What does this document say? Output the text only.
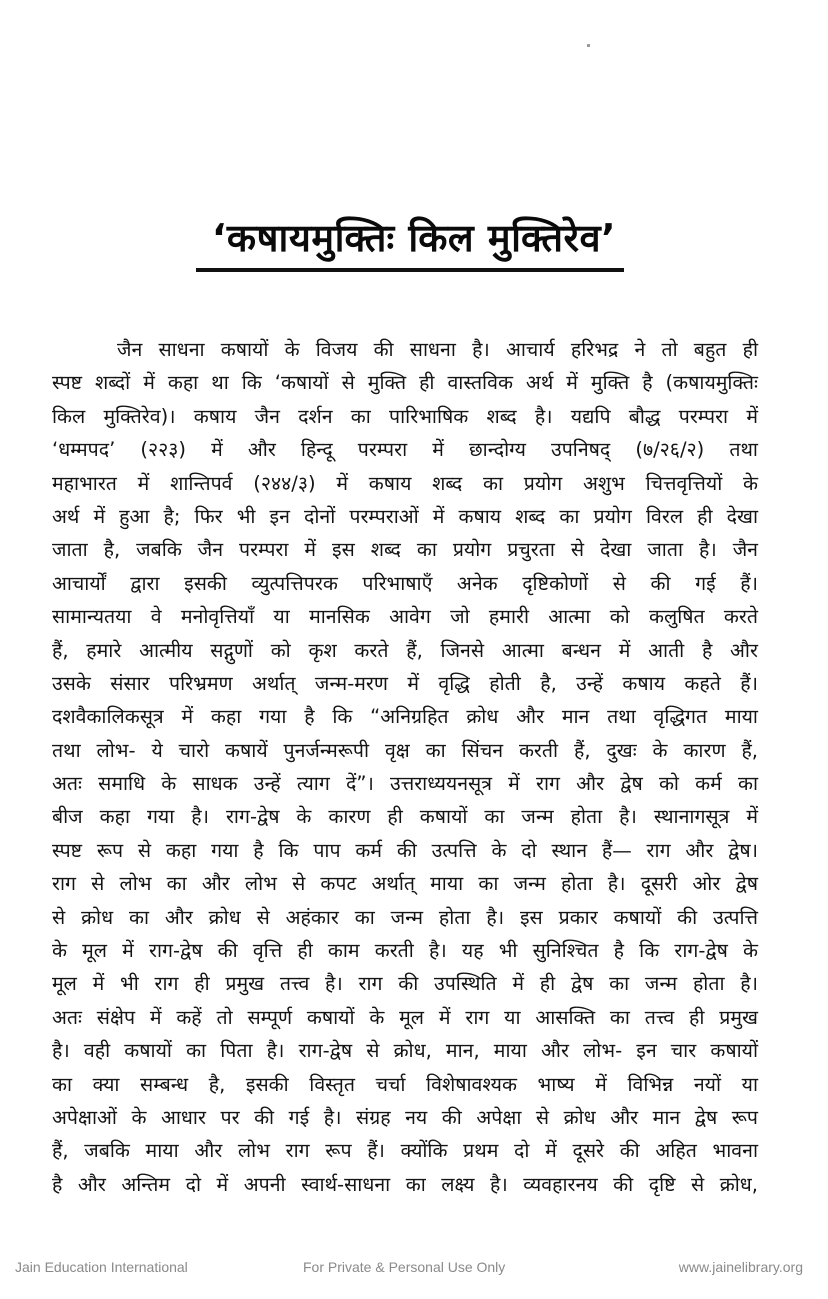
‘कषायमुक्तिः किल मुक्तिरेव’
जैन साधना कषायों के विजय की साधना है। आचार्य हरिभद्र ने तो बहुत ही
स्पष्ट शब्दों में कहा था कि ‘कषायों से मुक्ति ही वास्तविक अर्थ में मुक्ति है (कषायमुक्तिः
किल मुक्तिरेव)। कषाय जैन दर्शन का पारिभाषिक शब्द है। यद्यपि बौद्ध परम्परा में
‘धम्मपद’ (२२३) में और हिन्दू परम्परा में छान्दोग्य उपनिषद् (७/२६/२) तथा
महाभारत में शान्तिपर्व (२४४/३) में कषाय शब्द का प्रयोग अशुभ चित्तवृत्तियों के
अर्थ में हुआ है; फिर भी इन दोनों परम्पराओं में कषाय शब्द का प्रयोग विरल ही देखा
जाता है, जबकि जैन परम्परा में इस शब्द का प्रयोग प्रचुरता से देखा जाता है। जैन
आचार्यों द्वारा इसकी व्युत्पत्तिपरक परिभाषाएँ अनेक दृष्टिकोणों से की गई हैं।
सामान्यतया वे मनोवृत्तियाँ या मानसिक आवेग जो हमारी आत्मा को कलुषित करते
हैं, हमारे आत्मीय सद्गुणों को कृश करते हैं, जिनसे आत्मा बन्धन में आती है और
उसके संसार परिभ्रमण अर्थात् जन्म-मरण में वृद्धि होती है, उन्हें कषाय कहते हैं।
दशवैकालिकसूत्र में कहा गया है कि “अनिग्रहित क्रोध और मान तथा वृद्धिगत माया
तथा लोभ- ये चारो कषायें पुनर्जन्मरूपी वृक्ष का सिंचन करती हैं, दुखः के कारण हैं,
अतः समाधि के साधक उन्हें त्याग दें”। उत्तराध्ययनसूत्र में राग और द्वेष को कर्म का
बीज कहा गया है। राग-द्वेष के कारण ही कषायों का जन्म होता है। स्थानागसूत्र में
स्पष्ट रूप से कहा गया है कि पाप कर्म की उत्पत्ति के दो स्थान हैं— राग और द्वेष।
राग से लोभ का और लोभ से कपट अर्थात् माया का जन्म होता है। दूसरी ओर द्वेष
से क्रोध का और क्रोध से अहंकार का जन्म होता है। इस प्रकार कषायों की उत्पत्ति
के मूल में राग-द्वेष की वृत्ति ही काम करती है। यह भी सुनिश्चित है कि राग-द्वेष के
मूल में भी राग ही प्रमुख तत्त्व है। राग की उपस्थिति में ही द्वेष का जन्म होता है।
अतः संक्षेप में कहें तो सम्पूर्ण कषायों के मूल में राग या आसक्ति का तत्त्व ही प्रमुख
है। वही कषायों का पिता है। राग-द्वेष से क्रोध, मान, माया और लोभ- इन चार कषायों
का क्या सम्बन्ध है, इसकी विस्तृत चर्चा विशेषावश्यक भाष्य में विभिन्न नयों या
अपेक्षाओं के आधार पर की गई है। संग्रह नय की अपेक्षा से क्रोध और मान द्वेष रूप
हैं, जबकि माया और लोभ राग रूप हैं। क्योंकि प्रथम दो में दूसरे की अहित भावना
है और अन्तिम दो में अपनी स्वार्थ-साधना का लक्ष्य है। व्यवहारनय की दृष्टि से क्रोध,
Jain Education International	For Private & Personal Use Only	www.jainelibrary.org
